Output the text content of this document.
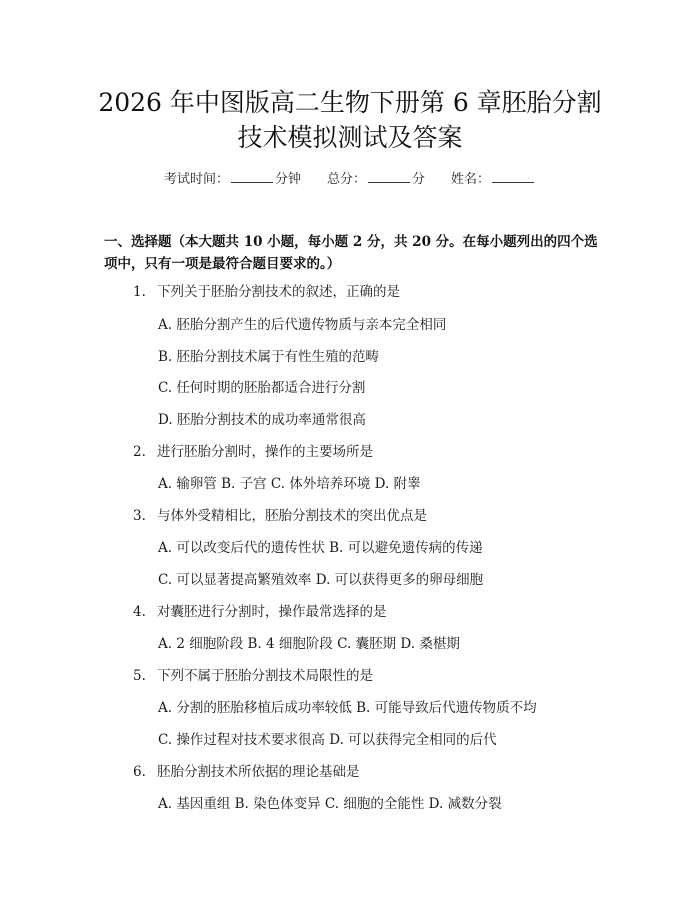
2026 年中图版高二生物下册第 6 章胚胎分割
技术模拟测试及答案
考试时间：	分钟 总分：	分 姓名：
一、选择题（本大题共 10 小题，每小题 2 分，共 20 分。在每小题列出的四个选
项中，只有一项是最符合题目要求的。）
1. 下列关于胚胎分割技术的叙述，正确的是
A. 胚胎分割产生的后代遗传物质与亲本完全相同
B. 胚胎分割技术属于有性生殖的范畴
C. 任何时期的胚胎都适合进行分割
D. 胚胎分割技术的成功率通常很高
2. 进行胚胎分割时，操作的主要场所是
A. 输卵管 B. 子宫 C. 体外培养环境 D. 附睾
3. 与体外受精相比，胚胎分割技术的突出优点是
A. 可以改变后代的遗传性状 B. 可以避免遗传病的传递
C. 可以显著提高繁殖效率 D. 可以获得更多的卵母细胞
4. 对囊胚进行分割时，操作最常选择的是
A. 2 细胞阶段 B. 4 细胞阶段 C. 囊胚期 D. 桑椹期
5. 下列不属于胚胎分割技术局限性的是
A. 分割的胚胎移植后成功率较低 B. 可能导致后代遗传物质不均
C. 操作过程对技术要求很高 D. 可以获得完全相同的后代
6. 胚胎分割技术所依据的理论基础是
A. 基因重组 B. 染色体变异 C. 细胞的全能性 D. 减数分裂
